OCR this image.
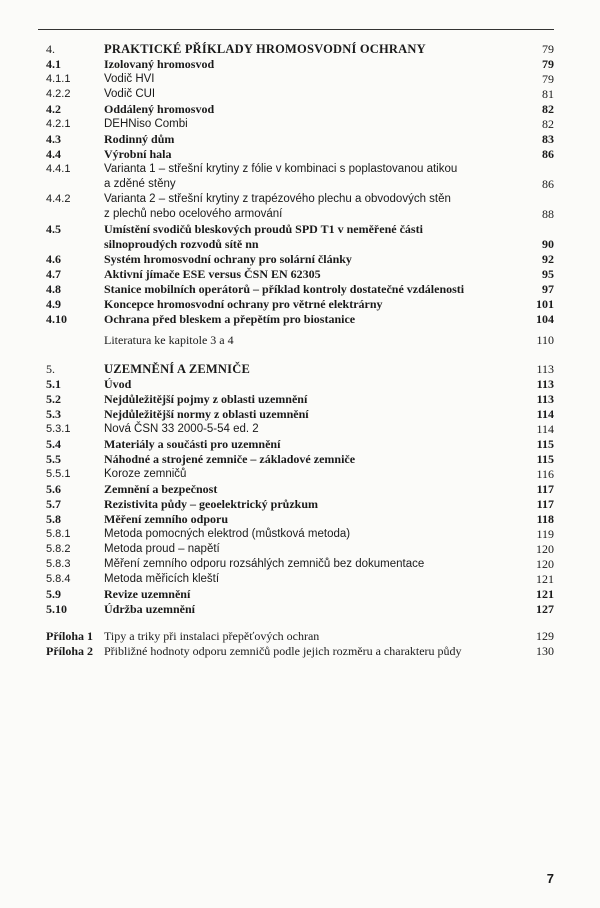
4.	PRAKTICKÉ PŘÍKLADY HROMOSVODNÍ OCHRANY	79
4.1	Izolovaný hromosvod	79
4.1.1	Vodič HVI	79
4.2.2	Vodič CUI	81
4.2	Oddálený hromosvod	82
4.2.1	DEHNiso Combi	82
4.3	Rodinný dům	83
4.4	Výrobní hala	86
4.4.1	Varianta 1 – střešní krytiny z fólie v kombinaci s poplastovanou atikou
a zděné stěny	86
4.4.2	Varianta 2 – střešní krytiny z trapézového plechu a obvodových stěn
z plechů nebo ocelového armování	88
4.5	Umístění svodičů bleskových proudů SPD T1 v neměřené části
silnoproudých rozvodů sítě nn	90
4.6	Systém hromosvodní ochrany pro solární články	92
4.7	Aktivní jímače ESE versus ČSN EN 62305	95
4.8	Stanice mobilních operátorů – příklad kontroly dostatečné vzdálenosti	97
4.9	Koncepce hromosvodní ochrany pro větrné elektrárny	101
4.10	Ochrana před bleskem a přepětím pro biostanice	104
Literatura ke kapitole 3 a 4	110
5.	UZEMNĚNÍ A ZEMNIČE	113
5.1	Úvod	113
5.2	Nejdůležitější pojmy z oblasti uzemnění	113
5.3	Nejdůležitější normy z oblasti uzemnění	114
5.3.1	Nová ČSN 33 2000-5-54 ed. 2	114
5.4	Materiály a součásti pro uzemnění	115
5.5	Náhodné a strojené zemniče – základové zemniče	115
5.5.1	Koroze zemničů	116
5.6	Zemnění a bezpečnost	117
5.7	Rezistivita půdy – geoelektrický průzkum	117
5.8	Měření zemního odporu	118
5.8.1	Metoda pomocných elektrod (můstková metoda)	119
5.8.2	Metoda proud – napětí	120
5.8.3	Měření zemního odporu rozsáhlých zemničů bez dokumentace	120
5.8.4	Metoda měřicích kleští	121
5.9	Revize uzemnění	121
5.10	Údržba uzemnění	127
Příloha 1 Tipy a triky při instalaci přepěťových ochran	129
Příloha 2 Přibližné hodnoty odporu zemničů podle jejich rozměru a charakteru půdy	130
7
